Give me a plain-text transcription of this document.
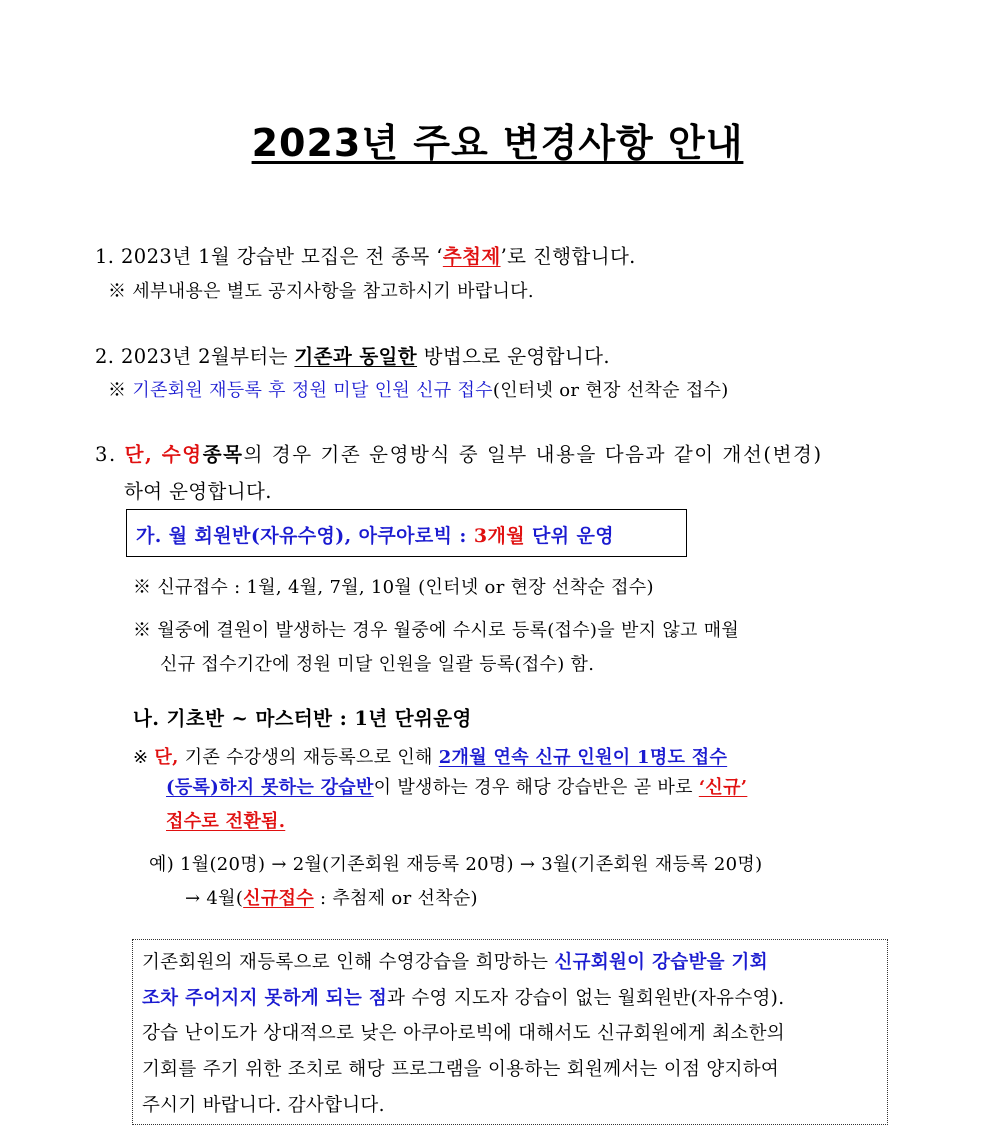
2023년 주요 변경사항 안내
1. 2023년 1월 강습반 모집은 전 종목 ‘추첨제’로 진행합니다.
※ 세부내용은 별도 공지사항을 참고하시기 바랍니다.
2. 2023년 2월부터는 기존과 동일한 방법으로 운영합니다.
※ 기존회원 재등록 후 정원 미달 인원 신규 접수(인터넷 or 현장 선착순 접수)
3. 단, 수영종목의 경우 기존 운영방식 중 일부 내용을 다음과 같이 개선(변경)
하여 운영합니다.
가. 월 회원반(자유수영), 아쿠아로빅 : 3개월 단위 운영
※ 신규접수 : 1월, 4월, 7월, 10월 (인터넷 or 현장 선착순 접수)
※ 월중에 결원이 발생하는 경우 월중에 수시로 등록(접수)을 받지 않고 매월
신규 접수기간에 정원 미달 인원을 일괄 등록(접수) 함.
나. 기초반 ~ 마스터반 : 1년 단위운영
※ 단, 기존 수강생의 재등록으로 인해 2개월 연속 신규 인원이 1명도 접수
(등록)하지 못하는 강습반이 발생하는 경우 해당 강습반은 곧 바로 ‘신규’
접수로 전환됨.
예) 1월(20명) → 2월(기존회원 재등록 20명) → 3월(기존회원 재등록 20명)
→ 4월(신규접수 : 추첨제 or 선착순)
기존회원의 재등록으로 인해 수영강습을 희망하는 신규회원이 강습받을 기회
조차 주어지지 못하게 되는 점과 수영 지도자 강습이 없는 월회원반(자유수영).
강습 난이도가 상대적으로 낮은 아쿠아로빅에 대해서도 신규회원에게 최소한의
기회를 주기 위한 조치로 해당 프로그램을 이용하는 회원께서는 이점 양지하여
주시기 바랍니다. 감사합니다.
